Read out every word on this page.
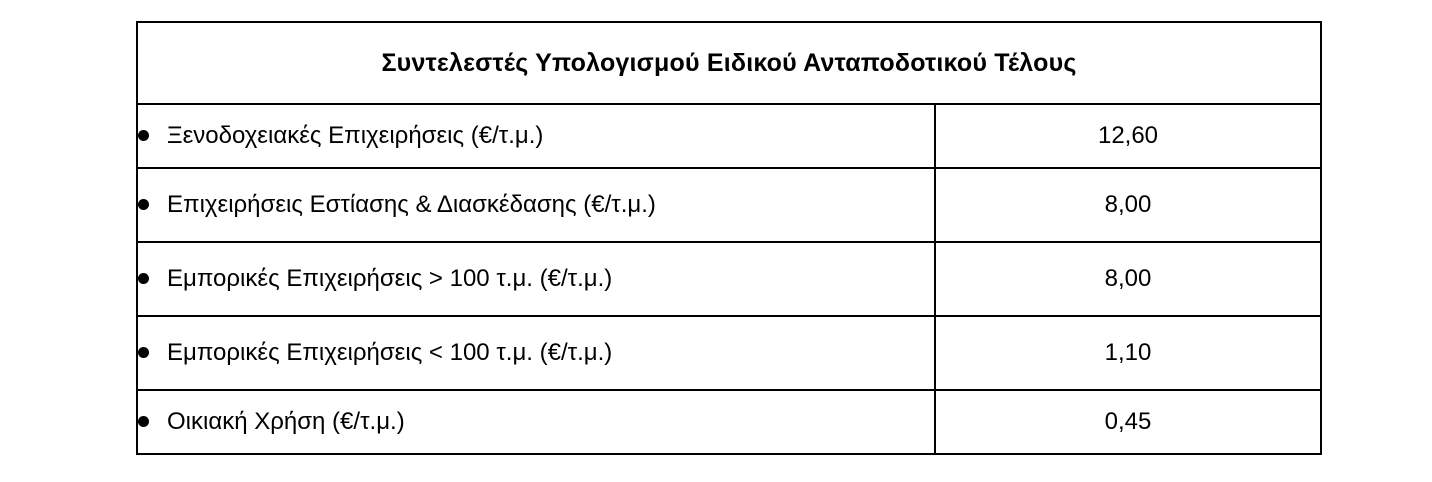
Συντελεστές Υπολογισμού Ειδικού Ανταποδοτικού Τέλους	

Ξενοδοχειακές Επιχειρήσεις (€/τ.μ.)	12,60

Επιχειρήσεις Εστίασης & Διασκέδασης (€/τ.μ.)	8,00

Εμπορικές Επιχειρήσεις > 100 τ.μ. (€/τ.μ.)	8,00

Εμπορικές Επιχειρήσεις < 100 τ.μ. (€/τ.μ.)	1,10

Οικιακή Χρήση (€/τ.μ.)	0,45
